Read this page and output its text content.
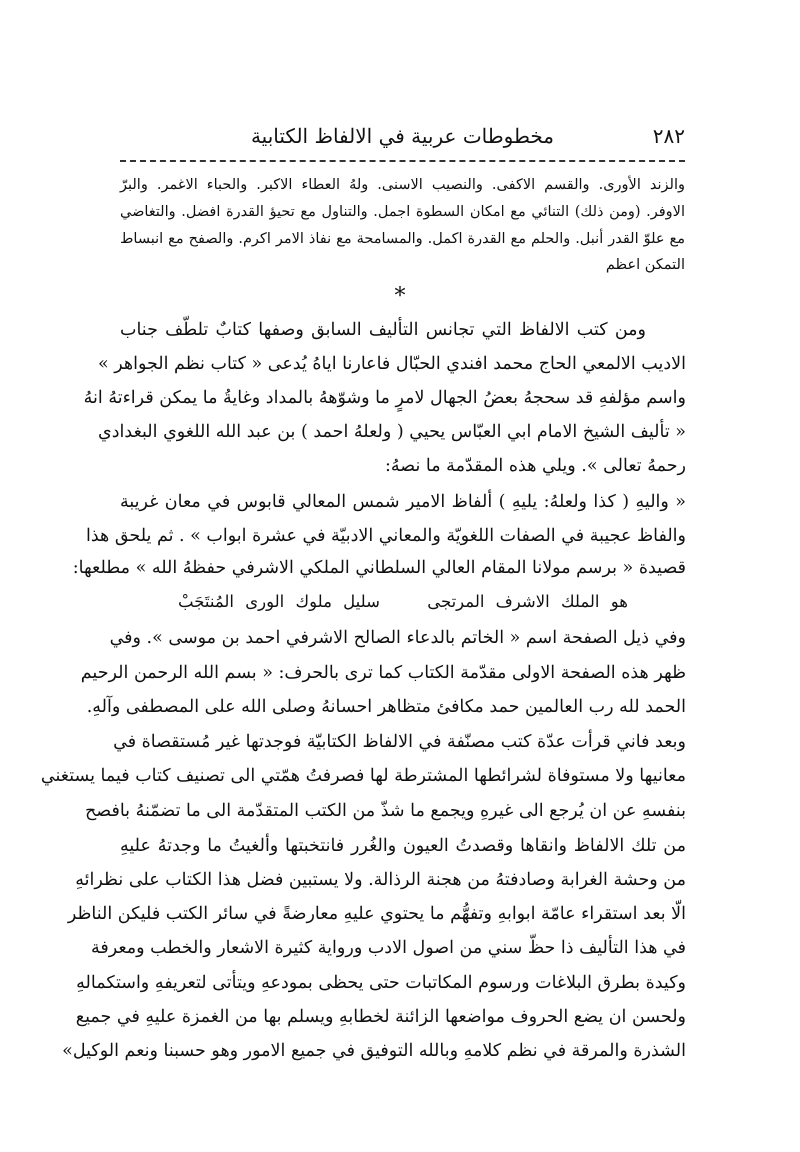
٢٨٢
مخطوطات عربية في الالفاظ الكتابية
والزند الأورى. والقسم الاكفى. والنصيب الاسنى. ولهُ العطاء الاكبر. والحباء الاغمر. والبرّ
الاوفر. (ومن ذلك) التنائي مع امكان السطوة اجمل. والتناول مع تحيؤ القدرة افضل. والتغاضي
مع علوّ القدر أنبل. والحلم مع القدرة اكمل. والمسامحة مع نفاذ الامر اكرم. والصفح مع انبساط
التمكن اعظم
*
ومن كتب الالفاظ التي تجانس التأليف السابق وصفها كتابٌ تلطّف جناب
الاديب الالمعي الحاج محمد افندي الحبّال فاعارنا اياهُ يُدعى « كتاب نظم الجواهر »
واسم مؤلفهِ قد سحجهُ بعضُ الجهال لامرٍ ما وشوّههُ بالمداد وغايةُ ما يمكن قراءتهُ انهُ
« تأليف الشيخ الامام ابي العبّاس يحيي ( ولعلهُ احمد ) بن عبد الله اللغوي البغدادي
رحمهُ تعالى ». ويلي هذه المقدّمة ما نصهُ:
« واليهِ ( كذا ولعلهُ: يليهِ ) ألفاظ الامير شمس المعالي قابوس في معان غريبة
والفاظ عجيبة في الصفات اللغويّة والمعاني الادبيّة في عشرة ابواب » . ثم يلحق هذا
قصيدة « برسم مولانا المقام العالي السلطاني الملكي الاشرفي حفظهُ الله » مطلعها:
هو الملك الاشرف المرتجى سليل ملوك الورى المُنتَجَبْ
وفي ذيل الصفحة اسم « الخاتم بالدعاء الصالح الاشرفي احمد بن موسى ». وفي
ظهر هذه الصفحة الاولى مقدّمة الكتاب كما ترى بالحرف: « بسم الله الرحمن الرحيم
الحمد لله رب العالمين حمد مكافئ متظاهر احسانهُ وصلى الله على المصطفى وآلهِ.
وبعد فاني قرأت عدّة كتب مصنّفة في الالفاظ الكتابيّة فوجدتها غير مُستقصاة في
معانيها ولا مستوفاة لشرائطها المشترطة لها فصرفتُ همّتي الى تصنيف كتاب فيما يستغني
بنفسهِ عن ان يُرجع الى غيرهِ ويجمع ما شذّ من الكتب المتقدّمة الى ما تضمّنهُ بافصح
من تلك الالفاظ وانقاها وقصدتُ العيون والغُرر فانتخبتها وألغيتُ ما وجدتهُ عليهِ
من وحشة الغرابة وصادفتهُ من هجنة الرذالة. ولا يستبين فضل هذا الكتاب على نظرائهِ
الّا بعد استقراء عامّة ابوابهِ وتفهُّم ما يحتوي عليهِ معارضةً في سائر الكتب فليكن الناظر
في هذا التأليف ذا حظّ سني من اصول الادب ورواية كثيرة الاشعار والخطب ومعرفة
وكيدة بطرق البلاغات ورسوم المكاتبات حتى يحظى بمودعهِ ويتأتى لتعريفهِ واستكمالهِ
ولحسن ان يضع الحروف مواضعها الزائنة لخطابهِ ويسلم بها من الغمزة عليهِ في جميع
الشذرة والمرقة في نظم كلامهِ وبالله التوفيق في جميع الامور وهو حسبنا ونعم الوكيل»
